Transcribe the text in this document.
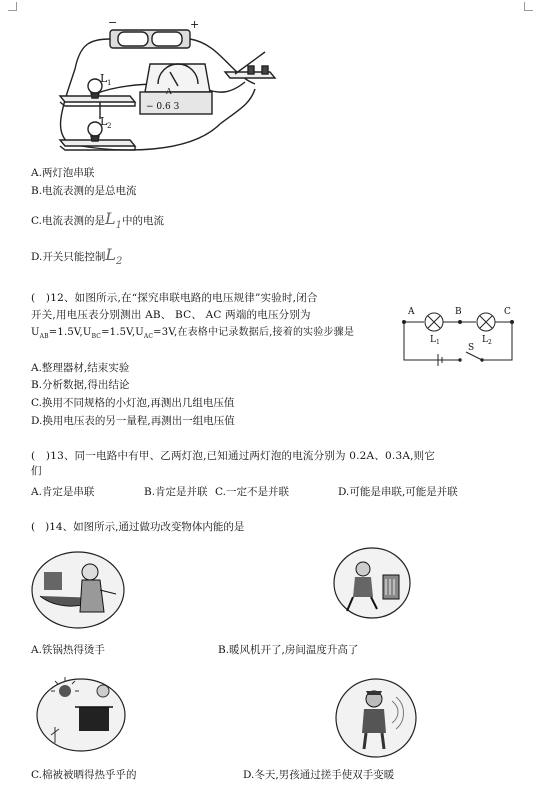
−	+
L 1
L 2
A
− 0.6 3
A.两灯泡串联
B.电流表测的是总电流
C.电流表测的是$L_1$中的电流
D.开关只能控制$L_2$
( )12、如图所示,在“探究串联电路的电压规律”实验时,闭合
开关,用电压表分别测出 AB、 BC、 AC 两端的电压分别为
$U_{AB}=1.5V,U_{BC}=1.5V,U_{AC}=3V$,在表格中记录数据后,接着的实验步骤是
A	B	C
L 1	L 2
S
A.整理器材,结束实验
B.分析数据,得出结论
C.换用不同规格的小灯泡,再测出几组电压值
D.换用电压表的另一量程,再测出一组电压值
( )13、同一电路中有甲、乙两灯泡,已知通过两灯泡的电流分别为 0.2A、0.3A,则它
们
A.肯定是串联	B.肯定是并联 C.一定不是并联	D.可能是串联,可能是并联
( )14、如图所示,通过做功改变物体内能的是
A.铁锅热得烫手	B.暖风机开了,房间温度升高了
C.棉被被晒得热乎乎的	D.冬天,男孩通过搓手使双手变暖
